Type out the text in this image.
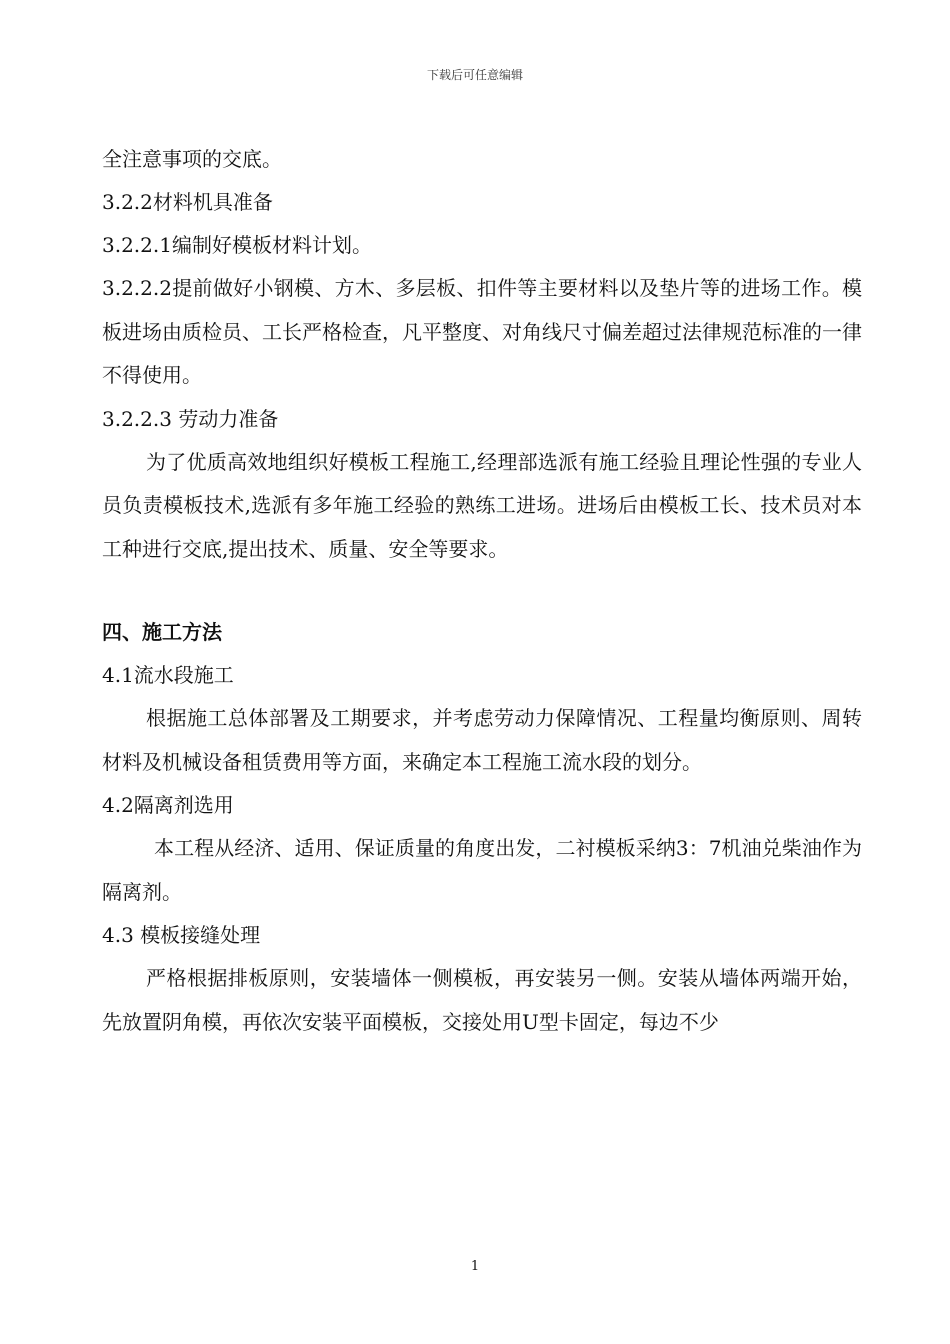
下载后可任意编辑
全注意事项的交底。
3.2.2材料机具准备
3.2.2.1编制好模板材料计划。
3.2.2.2提前做好小钢模、方木、多层板、扣件等主要材料以及垫片等的进场工作。模板进场由质检员、工长严格检查，凡平整度、对角线尺寸偏差超过法律规范标准的一律不得使用。
3.2.2.3 劳动力准备
为了优质高效地组织好模板工程施工,经理部选派有施工经验且理论性强的专业人员负责模板技术,选派有多年施工经验的熟练工进场。进场后由模板工长、技术员对本工种进行交底,提出技术、质量、安全等要求。
四、施工方法
4.1流水段施工
根据施工总体部署及工期要求，并考虑劳动力保障情况、工程量均衡原则、周转材料及机械设备租赁费用等方面，来确定本工程施工流水段的划分。
4.2隔离剂选用
本工程从经济、适用、保证质量的角度出发，二衬模板采纳3：7机油兑柴油作为隔离剂。
4.3 模板接缝处理
严格根据排板原则，安装墙体一侧模板，再安装另一侧。安装从墙体两端开始，先放置阴角模，再依次安装平面模板，交接处用U型卡固定，每边不少
1
